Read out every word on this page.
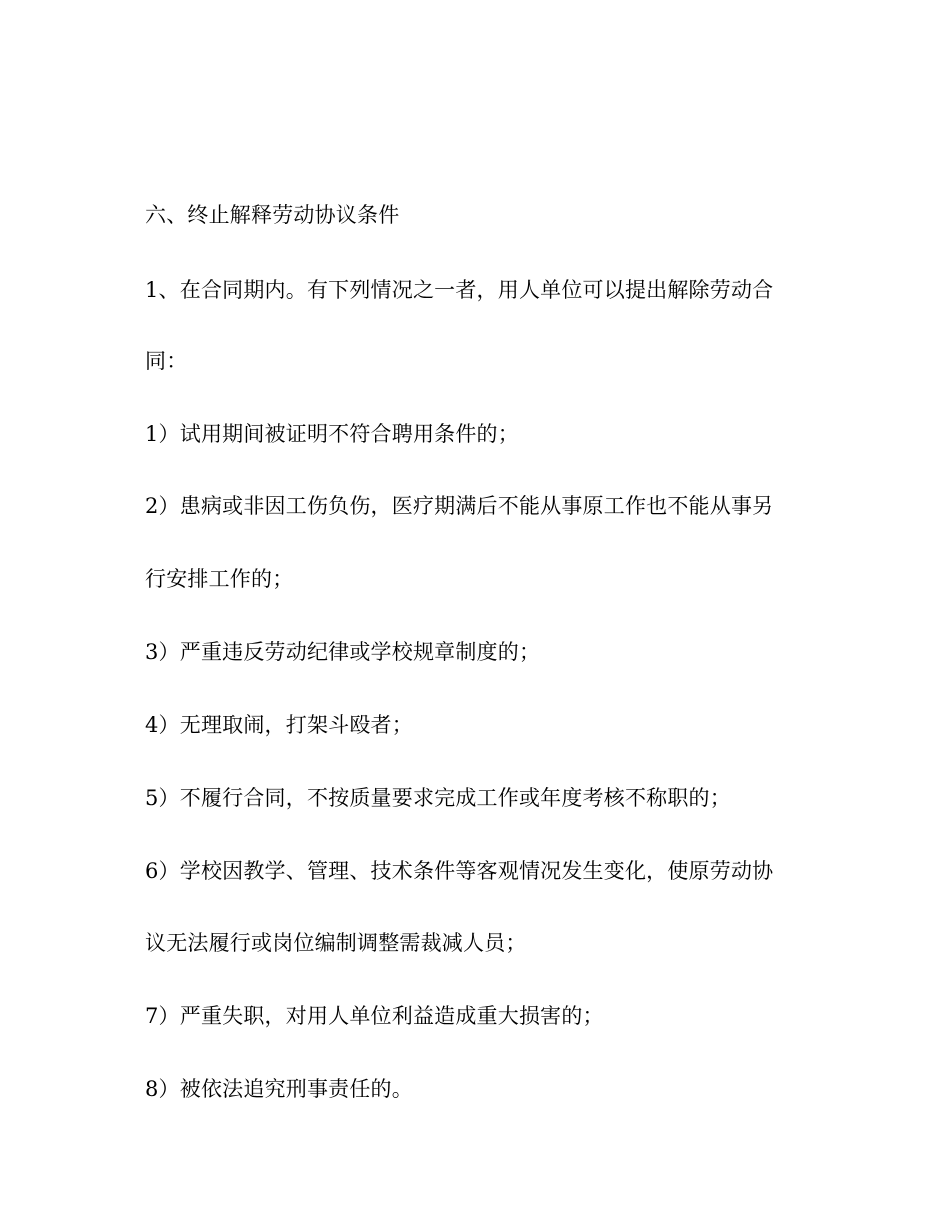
六、终止解释劳动协议条件
1、在合同期内。有下列情况之一者，用人单位可以提出解除劳动合
同：
1）试用期间被证明不符合聘用条件的；
2）患病或非因工伤负伤，医疗期满后不能从事原工作也不能从事另
行安排工作的；
3）严重违反劳动纪律或学校规章制度的；
4）无理取闹，打架斗殴者；
5）不履行合同，不按质量要求完成工作或年度考核不称职的；
6）学校因教学、管理、技术条件等客观情况发生变化，使原劳动协
议无法履行或岗位编制调整需裁减人员；
7）严重失职，对用人单位利益造成重大损害的；
8）被依法追究刑事责任的。
